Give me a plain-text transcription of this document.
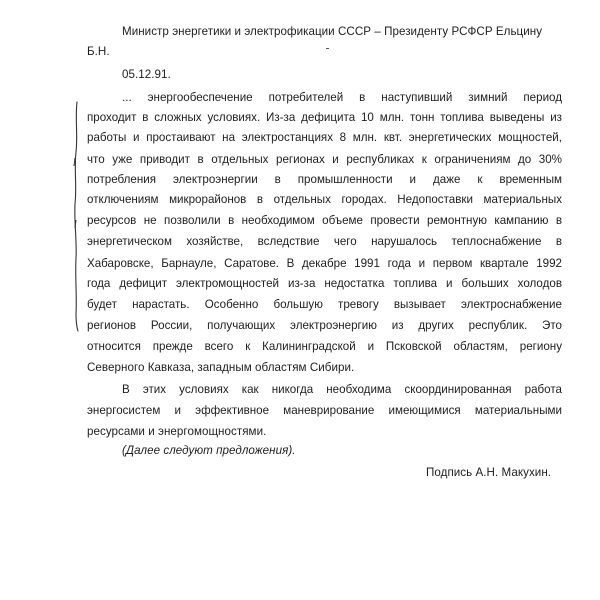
Министр энергетики и электрофикации СССР – Президенту РСФСР Ельцину
Б.Н.
05.12.91.
... энергообеспечение потребителей в наступивший зимний период
проходит в сложных условиях. Из-за дефицита 10 млн. тонн топлива выведены из
работы и простаивают на электростанциях 8 млн. квт. энергетических мощностей,
что уже приводит в отдельных регионах и республиках к ограничениям до 30%
потребления электроэнергии в промышленности и даже к временным
отключениям микрорайонов в отдельных городах. Недопоставки материальных
ресурсов не позволили в необходимом объеме провести ремонтную кампанию в
энергетическом хозяйстве, вследствие чего нарушалось теплоснабжение в
Хабаровске, Барнауле, Саратове. В декабре 1991 года и первом квартале 1992
года дефицит электромощностей из-за недостатка топлива и больших холодов
будет нарастать. Особенно большую тревогу вызывает электроснабжение
регионов России, получающих электроэнергию из других республик. Это
относится прежде всего к Калининградской и Псковской областям, региону
Северного Кавказа, западным областям Сибири.
В этих условиях как никогда необходима скоординированная работа
энергосистем и эффективное маневрирование имеющимися материальными
ресурсами и энергомощностями.
(Далее следуют предложения).
Подпись А.Н. Макухин.
